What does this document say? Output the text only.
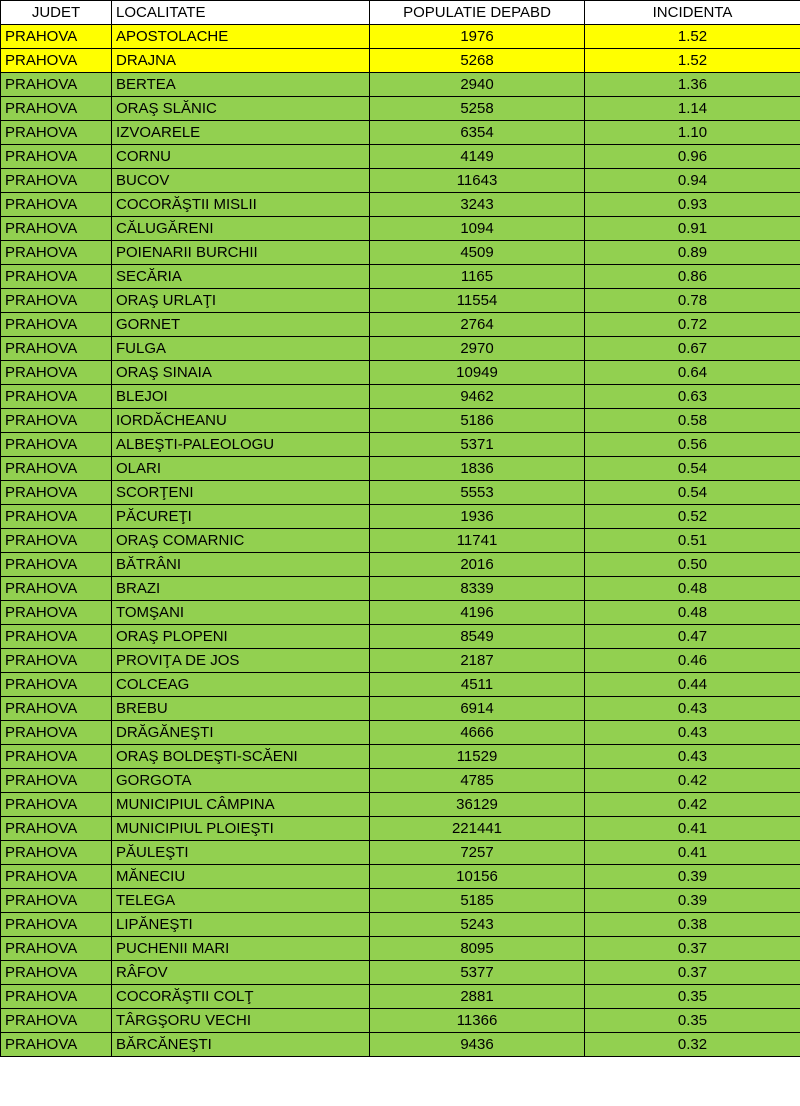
JUDET	LOCALITATE	POPULATIE DEPABD	INCIDENTA
PRAHOVA	APOSTOLACHE	1976	1.52
PRAHOVA	DRAJNA	5268	1.52
PRAHOVA	BERTEA	2940	1.36
PRAHOVA	ORAŞ SLĂNIC	5258	1.14
PRAHOVA	IZVOARELE	6354	1.10
PRAHOVA	CORNU	4149	0.96
PRAHOVA	BUCOV	11643	0.94
PRAHOVA	COCORĂŞTII MISLII	3243	0.93
PRAHOVA	CĂLUGĂRENI	1094	0.91
PRAHOVA	POIENARII BURCHII	4509	0.89
PRAHOVA	SECĂRIA	1165	0.86
PRAHOVA	ORAŞ URLAŢI	11554	0.78
PRAHOVA	GORNET	2764	0.72
PRAHOVA	FULGA	2970	0.67
PRAHOVA	ORAŞ SINAIA	10949	0.64
PRAHOVA	BLEJOI	9462	0.63
PRAHOVA	IORDĂCHEANU	5186	0.58
PRAHOVA	ALBEŞTI-PALEOLOGU	5371	0.56
PRAHOVA	OLARI	1836	0.54
PRAHOVA	SCORŢENI	5553	0.54
PRAHOVA	PĂCUREŢI	1936	0.52
PRAHOVA	ORAŞ COMARNIC	11741	0.51
PRAHOVA	BĂTRÂNI	2016	0.50
PRAHOVA	BRAZI	8339	0.48
PRAHOVA	TOMŞANI	4196	0.48
PRAHOVA	ORAŞ PLOPENI	8549	0.47
PRAHOVA	PROVIŢA DE JOS	2187	0.46
PRAHOVA	COLCEAG	4511	0.44
PRAHOVA	BREBU	6914	0.43
PRAHOVA	DRĂGĂNEŞTI	4666	0.43
PRAHOVA	ORAŞ BOLDEŞTI-SCĂENI	11529	0.43
PRAHOVA	GORGOTA	4785	0.42
PRAHOVA	MUNICIPIUL CÂMPINA	36129	0.42
PRAHOVA	MUNICIPIUL PLOIEŞTI	221441	0.41
PRAHOVA	PĂULEŞTI	7257	0.41
PRAHOVA	MĂNECIU	10156	0.39
PRAHOVA	TELEGA	5185	0.39
PRAHOVA	LIPĂNEŞTI	5243	0.38
PRAHOVA	PUCHENII MARI	8095	0.37
PRAHOVA	RÂFOV	5377	0.37
PRAHOVA	COCORĂŞTII COLŢ	2881	0.35
PRAHOVA	TÂRGŞORU VECHI	11366	0.35
PRAHOVA	BĂRCĂNEŞTI	9436	0.32
